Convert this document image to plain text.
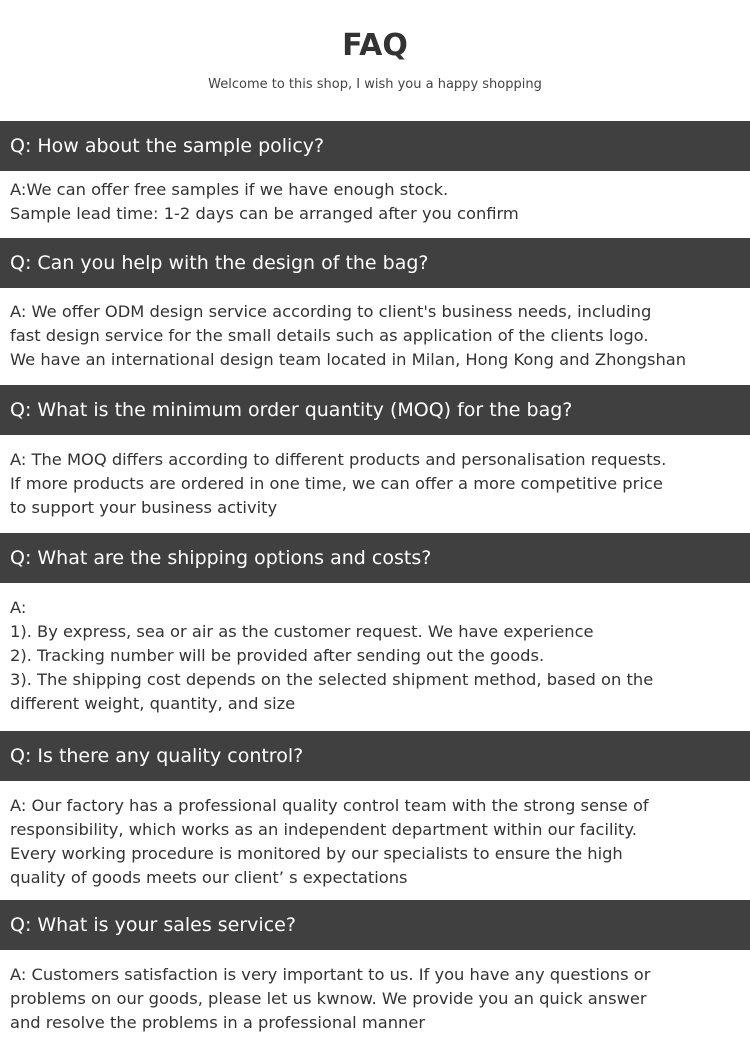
FAQ
Welcome to this shop, I wish you a happy shopping
Q: How about the sample policy?
A:We can offer free samples if we have enough stock.
Sample lead time: 1-2 days can be arranged after you confirm
Q: Can you help with the design of the bag?
A: We offer ODM design service according to client's business needs, including
fast design service for the small details such as application of the clients logo.
We have an international design team located in Milan, Hong Kong and Zhongshan
Q: What is the minimum order quantity (MOQ) for the bag?
A: The MOQ differs according to different products and personalisation requests.
If more products are ordered in one time, we can offer a more competitive price
to support your business activity
Q: What are the shipping options and costs?
A:
1). By express, sea or air as the customer request. We have experience
2). Tracking number will be provided after sending out the goods.
3). The shipping cost depends on the selected shipment method, based on the
different weight, quantity, and size
Q: Is there any quality control?
A: Our factory has a professional quality control team with the strong sense of
responsibility, which works as an independent department within our facility.
Every working procedure is monitored by our specialists to ensure the high
quality of goods meets our client’ s expectations
Q: What is your sales service?
A: Customers satisfaction is very important to us. If you have any questions or
problems on our goods, please let us kwnow. We provide you an quick answer
and resolve the problems in a professional manner
